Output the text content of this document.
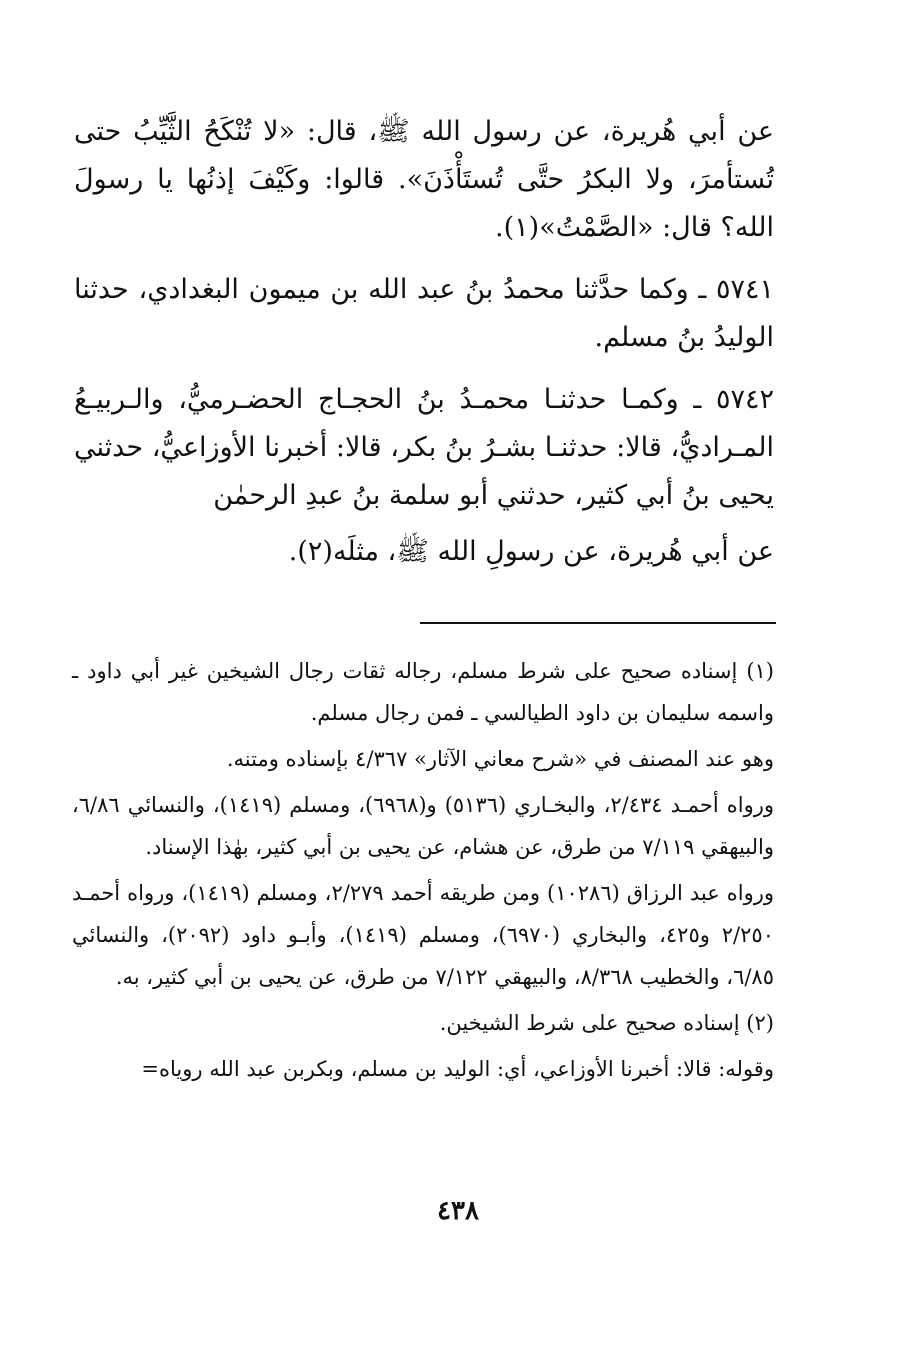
عن أبي هُريرة، عن رسول الله ﷺ، قال: «لا تُنْكَحُ الثَّيِّبُ حتى تُستأمرَ، ولا البكرُ حتَّى تُستَأْذَنَ». قالوا: وكَيْفَ إذنُها يا رسولَ الله؟ قال: «الصَّمْتُ»(١).

٥٧٤١ ـ وكما حدَّثنا محمدُ بنُ عبد الله بن ميمون البغدادي، حدثنا الوليدُ بنُ مسلم.

٥٧٤٢ ـ وكمـا حدثنـا محمـدُ بنُ الحجـاج الحضـرميُّ، والـربيـعُ المـراديُّ، قالا: حدثنـا بشـرُ بنُ بكر، قالا: أخبرنا الأوزاعيُّ، حدثني يحيى بنُ أبي كثير، حدثني أبو سلمة بنُ عبدِ الرحمٰن

عن أبي هُريرة، عن رسولِ الله ﷺ، مثلَه(٢).

(١) إسناده صحيح على شرط مسلم، رجاله ثقات رجال الشيخين غير أبي داود ـ واسمه سليمان بن داود الطيالسي ـ فمن رجال مسلم.

وهو عند المصنف في «شرح معاني الآثار» ٤/٣٦٧ بإسناده ومتنه.

ورواه أحمـد ٢/٤٣٤، والبخـاري (٥١٣٦) و(٦٩٦٨)، ومسلم (١٤١٩)، والنسائي ٦/٨٦، والبيهقي ٧/١١٩ من طرق، عن هشام، عن يحيى بن أبي كثير، بهٰذا الإسناد.

ورواه عبد الرزاق (١٠٢٨٦) ومن طريقه أحمد ٢/٢٧٩، ومسلم (١٤١٩)، ورواه أحمـد ٢/٢٥٠ و٤٢٥، والبخاري (٦٩٧٠)، ومسلم (١٤١٩)، وأبـو داود (٢٠٩٢)، والنسائي ٦/٨٥، والخطيب ٨/٣٦٨، والبيهقي ٧/١٢٢ من طرق، عن يحيى بن أبي كثير، به.

(٢) إسناده صحيح على شرط الشيخين.

وقوله: قالا: أخبرنا الأوزاعي، أي: الوليد بن مسلم، وبكربن عبد الله روياه=

٤٣٨
